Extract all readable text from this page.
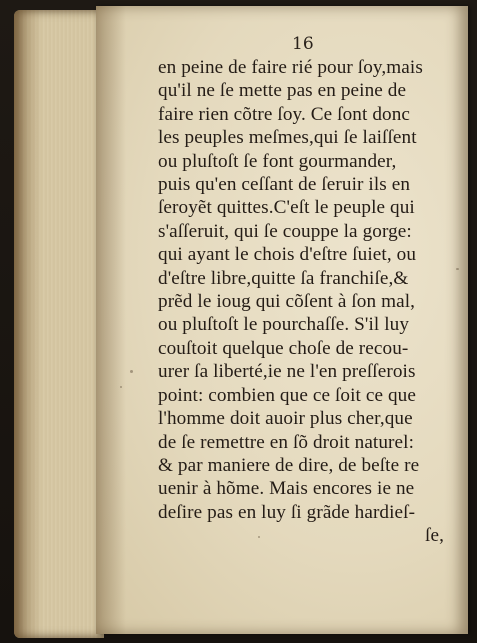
16
en peine de faire rié pour ſoy,mais
qu'il ne ſe mette pas en peine de
faire rien cõtre ſoy. Ce ſont donc
les peuples meſmes,qui ſe laiſſent
ou pluſtoſt ſe font gourmander,
puis qu'en ceſſant de ſeruir ils en
ſeroyẽt quittes.C'eſt le peuple qui
s'aſſeruit, qui ſe couppe la gorge:
qui ayant le chois d'eſtre ſuiet, ou
d'eſtre libre,quitte ſa franchiſe,&
prẽd le ioug qui cõſent à ſon mal,
ou pluſtoſt le pourchaſſe. S'il luy
couſtoit quelque choſe de recou-
urer ſa liberté,ie ne l'en preſſerois
point: combien que ce ſoit ce que
l'homme doit auoir plus cher,que
de ſe remettre en ſõ droit naturel:
& par maniere de dire, de beſte re
uenir à hõme. Mais encores ie ne
deſire pas en luy ſi grãde hardieſ-
ſe,
